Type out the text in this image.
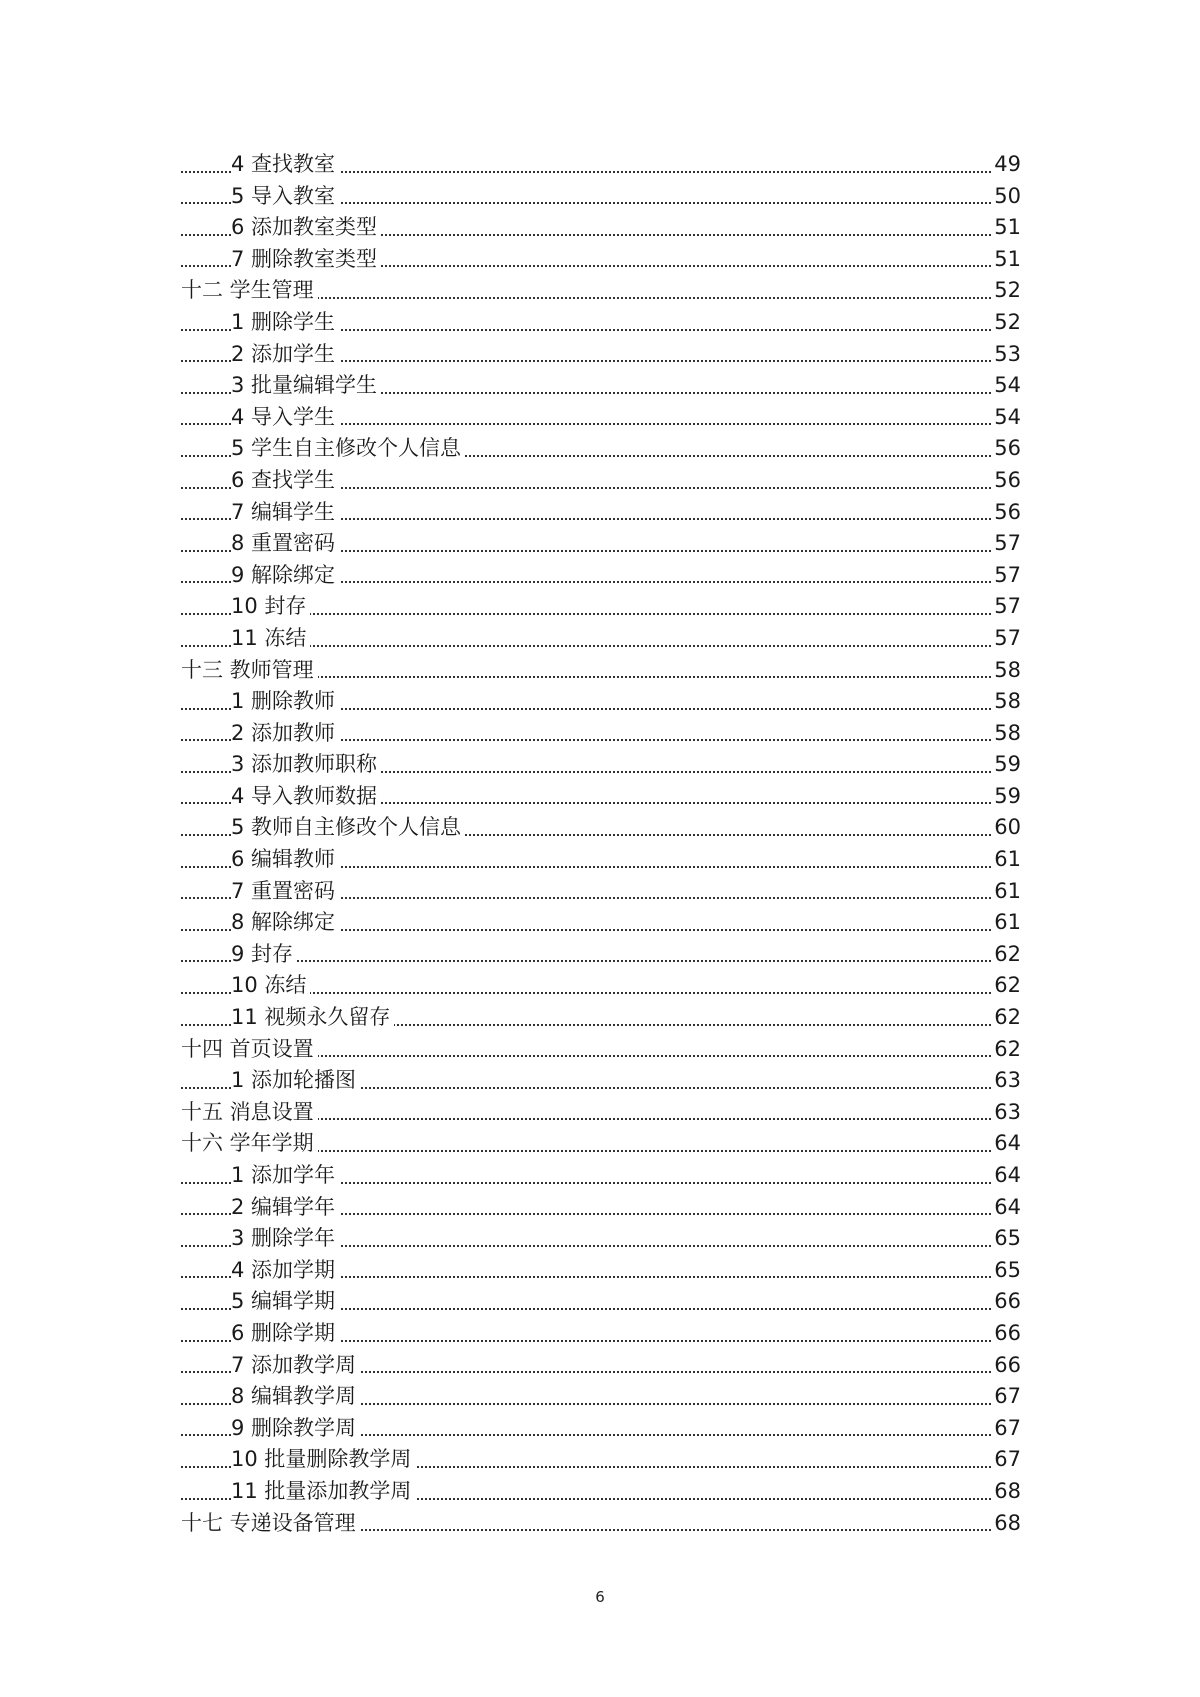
4 查找教室	49
5 导入教室	50
6 添加教室类型	51
7 删除教室类型	51
十二 学生管理	52
1 删除学生	52
2 添加学生	53
3 批量编辑学生	54
4 导入学生	54
5 学生自主修改个人信息	56
6 查找学生	56
7 编辑学生	56
8 重置密码	57
9 解除绑定	57
10 封存	57
11 冻结	57
十三 教师管理	58
1 删除教师	58
2 添加教师	58
3 添加教师职称	59
4 导入教师数据	59
5 教师自主修改个人信息	60
6 编辑教师	61
7 重置密码	61
8 解除绑定	61
9 封存	62
10 冻结	62
11 视频永久留存	62
十四 首页设置	62
1 添加轮播图	63
十五 消息设置	63
十六 学年学期	64
1 添加学年	64
2 编辑学年	64
3 删除学年	65
4 添加学期	65
5 编辑学期	66
6 删除学期	66
7 添加教学周	66
8 编辑教学周	67
9 删除教学周	67
10 批量删除教学周	67
11 批量添加教学周	68
十七 专递设备管理	68
6
